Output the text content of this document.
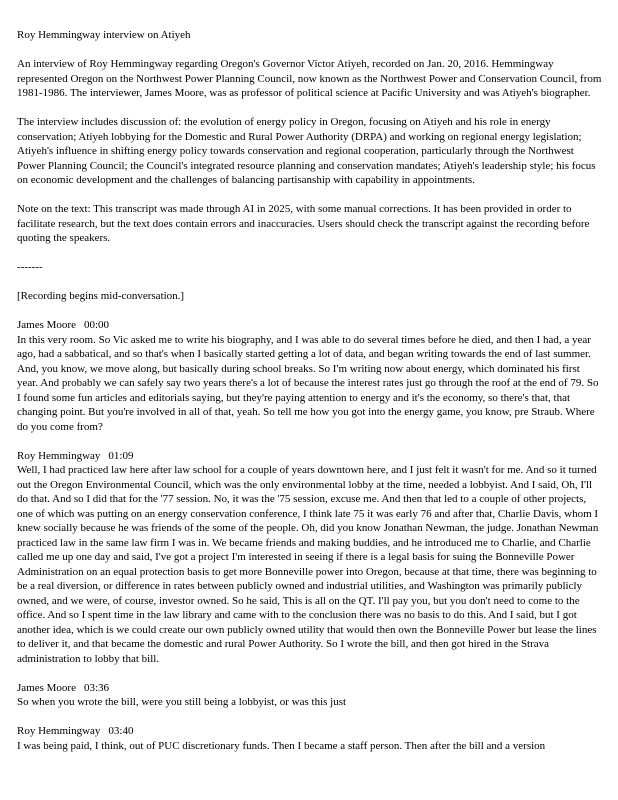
Roy Hemmingway interview on Atiyeh

An interview of Roy Hemmingway regarding Oregon's Governor Victor Atiyeh, recorded on Jan. 20, 2016. Hemmingway represented Oregon on the Northwest Power Planning Council, now known as the Northwest Power and Conservation Council, from 1981-1986. The interviewer, James Moore, was as professor of political science at Pacific University and was Atiyeh's biographer.

The interview includes discussion of: the evolution of energy policy in Oregon, focusing on Atiyeh and his role in energy conservation; Atiyeh lobbying for the Domestic and Rural Power Authority (DRPA) and working on regional energy legislation; Atiyeh's influence in shifting energy policy towards conservation and regional cooperation, particularly through the Northwest Power Planning Council; the Council's integrated resource planning and conservation mandates; Atiyeh's leadership style; his focus on economic development and the challenges of balancing partisanship with capability in appointments.

Note on the text: This transcript was made through AI in 2025, with some manual corrections. It has been provided in order to facilitate research, but the text does contain errors and inaccuracies. Users should check the transcript against the recording before quoting the speakers.

-------

[Recording begins mid-conversation.]

James Moore 00:00
In this very room. So Vic asked me to write his biography, and I was able to do several times before he died, and then I had, a year ago, had a sabbatical, and so that's when I basically started getting a lot of data, and began writing towards the end of last summer. And, you know, we move along, but basically during school breaks. So I'm writing now about energy, which dominated his first year. And probably we can safely say two years there's a lot of because the interest rates just go through the roof at the end of 79. So I found some fun articles and editorials saying, but they're paying attention to energy and it's the economy, so there's that, that changing point. But you're involved in all of that, yeah. So tell me how you got into the energy game, you know, pre Straub. Where do you come from?
Roy Hemmingway 01:09
Well, I had practiced law here after law school for a couple of years downtown here, and I just felt it wasn't for me. And so it turned out the Oregon Environmental Council, which was the only environmental lobby at the time, needed a lobbyist. And I said, Oh, I'll do that. And so I did that for the '77 session. No, it was the '75 session, excuse me. And then that led to a couple of other projects, one of which was putting on an energy conservation conference, I think late 75 it was early 76 and after that, Charlie Davis, whom I knew socially because he was friends of the some of the people. Oh, did you know Jonathan Newman, the judge. Jonathan Newman practiced law in the same law firm I was in. We became friends and making buddies, and he introduced me to Charlie, and Charlie called me up one day and said, I've got a project I'm interested in seeing if there is a legal basis for suing the Bonneville Power Administration on an equal protection basis to get more Bonneville power into Oregon, because at that time, there was beginning to be a real diversion, or difference in rates between publicly owned and industrial utilities, and Washington was primarily publicly owned, and we were, of course, investor owned. So he said, This is all on the QT. I'll pay you, but you don't need to come to the office. And so I spent time in the law library and came with to the conclusion there was no basis to do this. And I said, but I got another idea, which is we could create our own publicly owned utility that would then own the Bonneville Power but lease the lines to deliver it, and that became the domestic and rural Power Authority. So I wrote the bill, and then got hired in the Strava administration to lobby that bill.
James Moore 03:36
So when you wrote the bill, were you still being a lobbyist, or was this just
Roy Hemmingway 03:40
I was being paid, I think, out of PUC discretionary funds. Then I became a staff person. Then after the bill and a version
